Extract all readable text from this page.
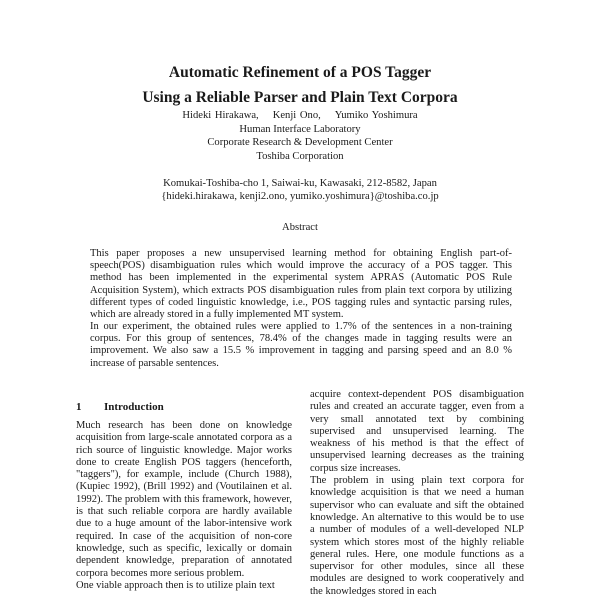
Automatic Refinement of a POS Tagger
Using a Reliable Parser and Plain Text Corpora
Hideki Hirakawa, Kenji Ono, Yumiko Yoshimura
Human Interface Laboratory
Corporate Research & Development Center
Toshiba Corporation
Komukai-Toshiba-cho 1, Saiwai-ku, Kawasaki, 212-8582, Japan
{hideki.hirakawa, kenji2.ono, yumiko.yoshimura}@toshiba.co.jp
Abstract

This paper proposes a new unsupervised learning method for obtaining English part-of-speech(POS) disambiguation rules which would improve the accuracy of a POS tagger. This method has been implemented in the experimental system APRAS (Automatic POS Rule Acquisition System), which extracts POS disambiguation rules from plain text corpora by utilizing different types of coded linguistic knowledge, i.e., POS tagging rules and syntactic parsing rules, which are already stored in a fully implemented MT system.

In our experiment, the obtained rules were applied to 1.7% of the sentences in a non-training corpus. For this group of sentences, 78.4% of the changes made in tagging results were an improvement. We also saw a 15.5 % improvement in tagging and parsing speed and an 8.0 % increase of parsable sentences.

1 Introduction

Much research has been done on knowledge acquisition from large-scale annotated corpora as a rich source of linguistic knowledge. Major works done to create English POS taggers (henceforth, "taggers"), for example, include (Church 1988), (Kupiec 1992), (Brill 1992) and (Voutilainen et al. 1992). The problem with this framework, however, is that such reliable corpora are hardly available due to a huge amount of the labor-intensive work required. In case of the acquisition of non-core knowledge, such as specific, lexically or domain dependent knowledge, preparation of annotated corpora becomes more serious problem.

One viable approach then is to utilize plain text

acquire context-dependent POS disambiguation rules and created an accurate tagger, even from a very small annotated text by combining supervised and unsupervised learning. The weakness of his method is that the effect of unsupervised learning decreases as the training corpus size increases.

The problem in using plain text corpora for knowledge acquisition is that we need a human supervisor who can evaluate and sift the obtained knowledge. An alternative to this would be to use a number of modules of a well-developed NLP system which stores most of the highly reliable general rules. Here, one module functions as a supervisor for other modules, since all these modules are designed to work cooperatively and the knowledges stored in each
